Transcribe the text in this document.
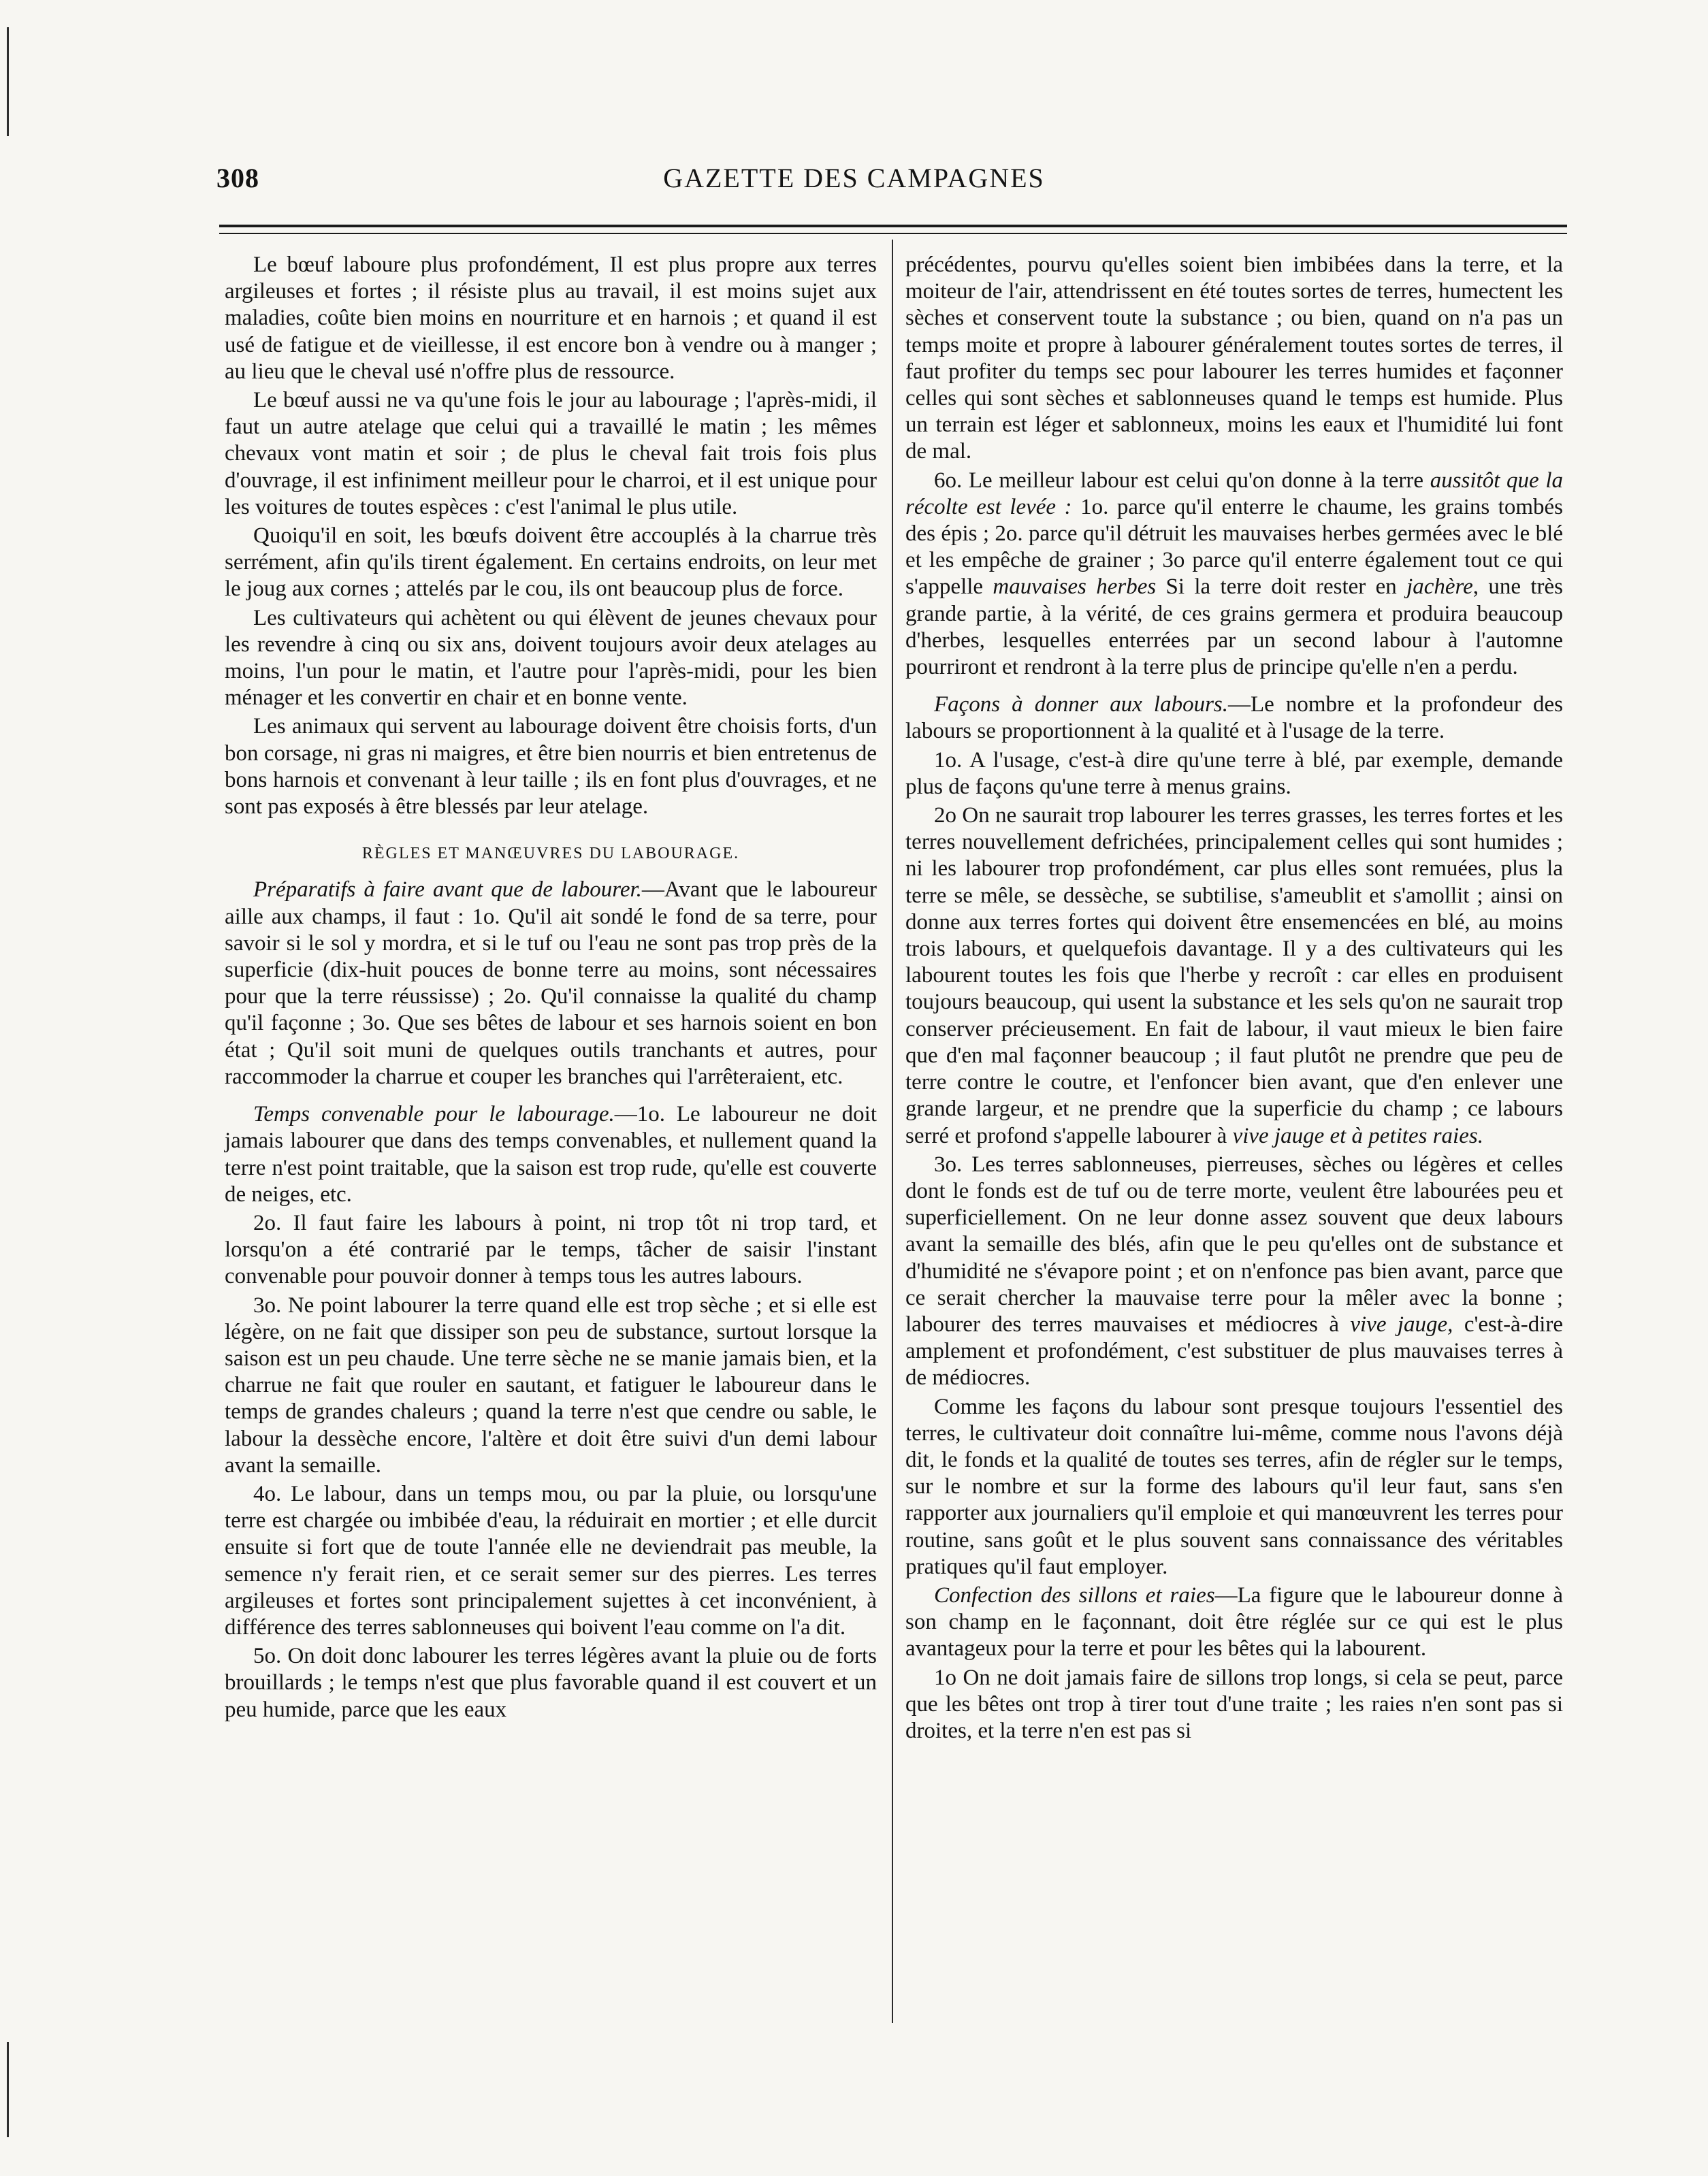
308	GAZETTE DES CAMPAGNES

Le bœuf laboure plus profondément, Il est plus propre aux terres argileuses et fortes ; il résiste plus au travail, il est moins sujet aux maladies, coûte bien moins en nourriture et en harnois ; et quand il est usé de fatigue et de vieillesse, il est encore bon à vendre ou à manger ; au lieu que le cheval usé n'offre plus de ressource.

Le bœuf aussi ne va qu'une fois le jour au labourage ; l'après-midi, il faut un autre atelage que celui qui a travaillé le matin ; les mêmes chevaux vont matin et soir ; de plus le cheval fait trois fois plus d'ouvrage, il est infiniment meilleur pour le charroi, et il est unique pour les voitures de toutes espèces : c'est l'animal le plus utile.

Quoiqu'il en soit, les bœufs doivent être accouplés à la charrue très serrément, afin qu'ils tirent également. En certains endroits, on leur met le joug aux cornes ; attelés par le cou, ils ont beaucoup plus de force.

Les cultivateurs qui achètent ou qui élèvent de jeunes chevaux pour les revendre à cinq ou six ans, doivent toujours avoir deux atelages au moins, l'un pour le matin, et l'autre pour l'après-midi, pour les bien ménager et les convertir en chair et en bonne vente.

Les animaux qui servent au labourage doivent être choisis forts, d'un bon corsage, ni gras ni maigres, et être bien nourris et bien entretenus de bons harnois et convenant à leur taille ; ils en font plus d'ouvrages, et ne sont pas exposés à être blessés par leur atelage.

RÈGLES ET MANŒUVRES DU LABOURAGE.

Préparatifs à faire avant que de labourer.—Avant que le laboureur aille aux champs, il faut : 1o. Qu'il ait sondé le fond de sa terre, pour savoir si le sol y mordra, et si le tuf ou l'eau ne sont pas trop près de la superficie (dix-huit pouces de bonne terre au moins, sont nécessaires pour que la terre réussisse) ; 2o. Qu'il connaisse la qualité du champ qu'il façonne ; 3o. Que ses bêtes de labour et ses harnois soient en bon état ; Qu'il soit muni de quelques outils tranchants et autres, pour raccommoder la charrue et couper les branches qui l'arrêteraient, etc.

Temps convenable pour le labourage.—1o. Le laboureur ne doit jamais labourer que dans des temps convenables, et nullement quand la terre n'est point traitable, que la saison est trop rude, qu'elle est couverte de neiges, etc.

2o. Il faut faire les labours à point, ni trop tôt ni trop tard, et lorsqu'on a été contrarié par le temps, tâcher de saisir l'instant convenable pour pouvoir donner à temps tous les autres labours.

3o. Ne point labourer la terre quand elle est trop sèche ; et si elle est légère, on ne fait que dissiper son peu de substance, surtout lorsque la saison est un peu chaude. Une terre sèche ne se manie jamais bien, et la charrue ne fait que rouler en sautant, et fatiguer le laboureur dans le temps de grandes chaleurs ; quand la terre n'est que cendre ou sable, le labour la dessèche encore, l'altère et doit être suivi d'un demi labour avant la semaille.

4o. Le labour, dans un temps mou, ou par la pluie, ou lorsqu'une terre est chargée ou imbibée d'eau, la réduirait en mortier ; et elle durcit ensuite si fort que de toute l'année elle ne deviendrait pas meuble, la semence n'y ferait rien, et ce serait semer sur des pierres. Les terres argileuses et fortes sont principalement sujettes à cet inconvénient, à différence des terres sablonneuses qui boivent l'eau comme on l'a dit.

5o. On doit donc labourer les terres légères avant la pluie ou de forts brouillards ; le temps n'est que plus favorable quand il est couvert et un peu humide, parce que les eaux

précédentes, pourvu qu'elles soient bien imbibées dans la terre, et la moiteur de l'air, attendrissent en été toutes sortes de terres, humectent les sèches et conservent toute la substance ; ou bien, quand on n'a pas un temps moite et propre à labourer généralement toutes sortes de terres, il faut profiter du temps sec pour labourer les terres humides et façonner celles qui sont sèches et sablonneuses quand le temps est humide. Plus un terrain est léger et sablonneux, moins les eaux et l'humidité lui font de mal.

6o. Le meilleur labour est celui qu'on donne à la terre aussitôt que la récolte est levée : 1o. parce qu'il enterre le chaume, les grains tombés des épis ; 2o. parce qu'il détruit les mauvaises herbes germées avec le blé et les empêche de grainer ; 3o parce qu'il enterre également tout ce qui s'appelle mauvaises herbes Si la terre doit rester en jachère, une très grande partie, à la vérité, de ces grains germera et produira beaucoup d'herbes, lesquelles enterrées par un second labour à l'automne pourriront et rendront à la terre plus de principe qu'elle n'en a perdu.

Façons à donner aux labours.—Le nombre et la profondeur des labours se proportionnent à la qualité et à l'usage de la terre.

1o. A l'usage, c'est-à dire qu'une terre à blé, par exemple, demande plus de façons qu'une terre à menus grains.

2o On ne saurait trop labourer les terres grasses, les terres fortes et les terres nouvellement defrichées, principalement celles qui sont humides ; ni les labourer trop profondément, car plus elles sont remuées, plus la terre se mêle, se dessèche, se subtilise, s'ameublit et s'amollit ; ainsi on donne aux terres fortes qui doivent être ensemencées en blé, au moins trois labours, et quelquefois davantage. Il y a des cultivateurs qui les labourent toutes les fois que l'herbe y recroît : car elles en produisent toujours beaucoup, qui usent la substance et les sels qu'on ne saurait trop conserver précieusement. En fait de labour, il vaut mieux le bien faire que d'en mal façonner beaucoup ; il faut plutôt ne prendre que peu de terre contre le coutre, et l'enfoncer bien avant, que d'en enlever une grande largeur, et ne prendre que la superficie du champ ; ce labours serré et profond s'appelle labourer à vive jauge et à petites raies.

3o. Les terres sablonneuses, pierreuses, sèches ou légères et celles dont le fonds est de tuf ou de terre morte, veulent être labourées peu et superficiellement. On ne leur donne assez souvent que deux labours avant la semaille des blés, afin que le peu qu'elles ont de substance et d'humidité ne s'évapore point ; et on n'enfonce pas bien avant, parce que ce serait chercher la mauvaise terre pour la mêler avec la bonne ; labourer des terres mauvaises et médiocres à vive jauge, c'est-à-dire amplement et profondément, c'est substituer de plus mauvaises terres à de médiocres.

Comme les façons du labour sont presque toujours l'essentiel des terres, le cultivateur doit connaître lui-même, comme nous l'avons déjà dit, le fonds et la qualité de toutes ses terres, afin de régler sur le temps, sur le nombre et sur la forme des labours qu'il leur faut, sans s'en rapporter aux journaliers qu'il emploie et qui manœuvrent les terres pour routine, sans goût et le plus souvent sans connaissance des véritables pratiques qu'il faut employer.

Confection des sillons et raies—La figure que le laboureur donne à son champ en le façonnant, doit être réglée sur ce qui est le plus avantageux pour la terre et pour les bêtes qui la labourent.

1o On ne doit jamais faire de sillons trop longs, si cela se peut, parce que les bêtes ont trop à tirer tout d'une traite ; les raies n'en sont pas si droites, et la terre n'en est pas si
